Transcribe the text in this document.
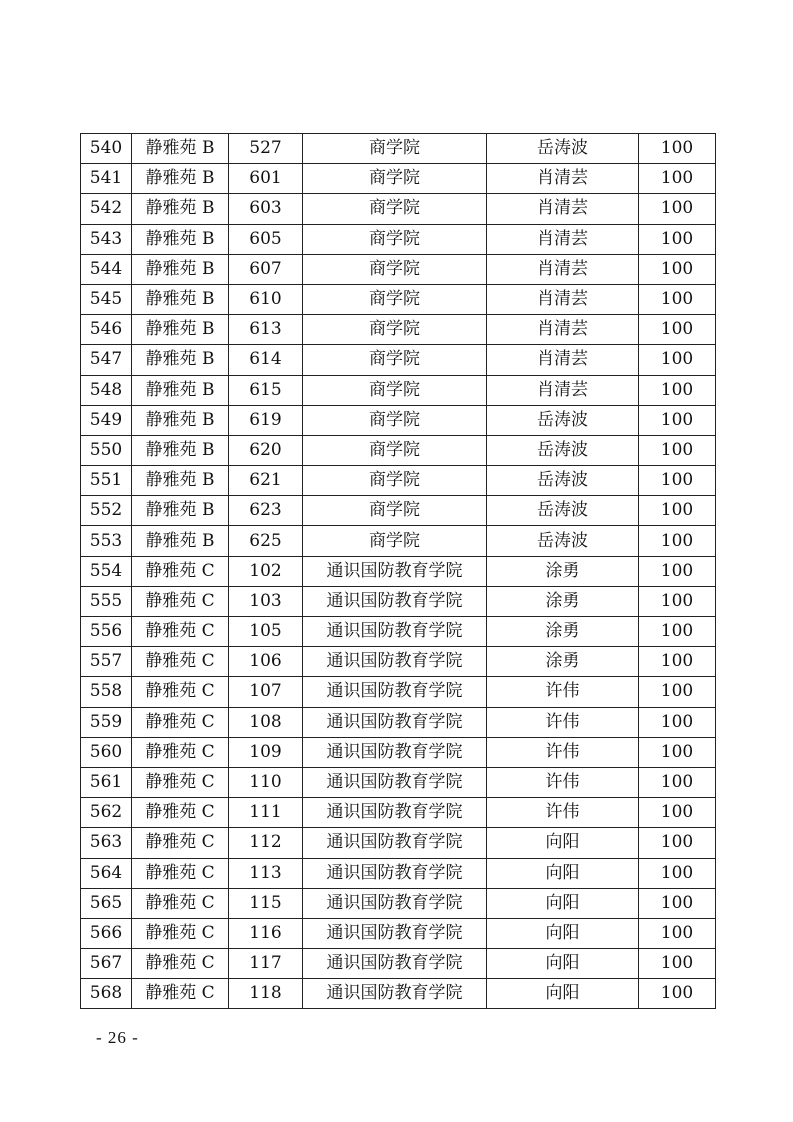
540	静雅苑 B	527	商学院	岳涛波	100
541	静雅苑 B	601	商学院	肖清芸	100
542	静雅苑 B	603	商学院	肖清芸	100
543	静雅苑 B	605	商学院	肖清芸	100
544	静雅苑 B	607	商学院	肖清芸	100
545	静雅苑 B	610	商学院	肖清芸	100
546	静雅苑 B	613	商学院	肖清芸	100
547	静雅苑 B	614	商学院	肖清芸	100
548	静雅苑 B	615	商学院	肖清芸	100
549	静雅苑 B	619	商学院	岳涛波	100
550	静雅苑 B	620	商学院	岳涛波	100
551	静雅苑 B	621	商学院	岳涛波	100
552	静雅苑 B	623	商学院	岳涛波	100
553	静雅苑 B	625	商学院	岳涛波	100
554	静雅苑 C	102	通识国防教育学院	涂勇	100
555	静雅苑 C	103	通识国防教育学院	涂勇	100
556	静雅苑 C	105	通识国防教育学院	涂勇	100
557	静雅苑 C	106	通识国防教育学院	涂勇	100
558	静雅苑 C	107	通识国防教育学院	许伟	100
559	静雅苑 C	108	通识国防教育学院	许伟	100
560	静雅苑 C	109	通识国防教育学院	许伟	100
561	静雅苑 C	110	通识国防教育学院	许伟	100
562	静雅苑 C	111	通识国防教育学院	许伟	100
563	静雅苑 C	112	通识国防教育学院	向阳	100
564	静雅苑 C	113	通识国防教育学院	向阳	100
565	静雅苑 C	115	通识国防教育学院	向阳	100
566	静雅苑 C	116	通识国防教育学院	向阳	100
567	静雅苑 C	117	通识国防教育学院	向阳	100
568	静雅苑 C	118	通识国防教育学院	向阳	100
- 26 -
